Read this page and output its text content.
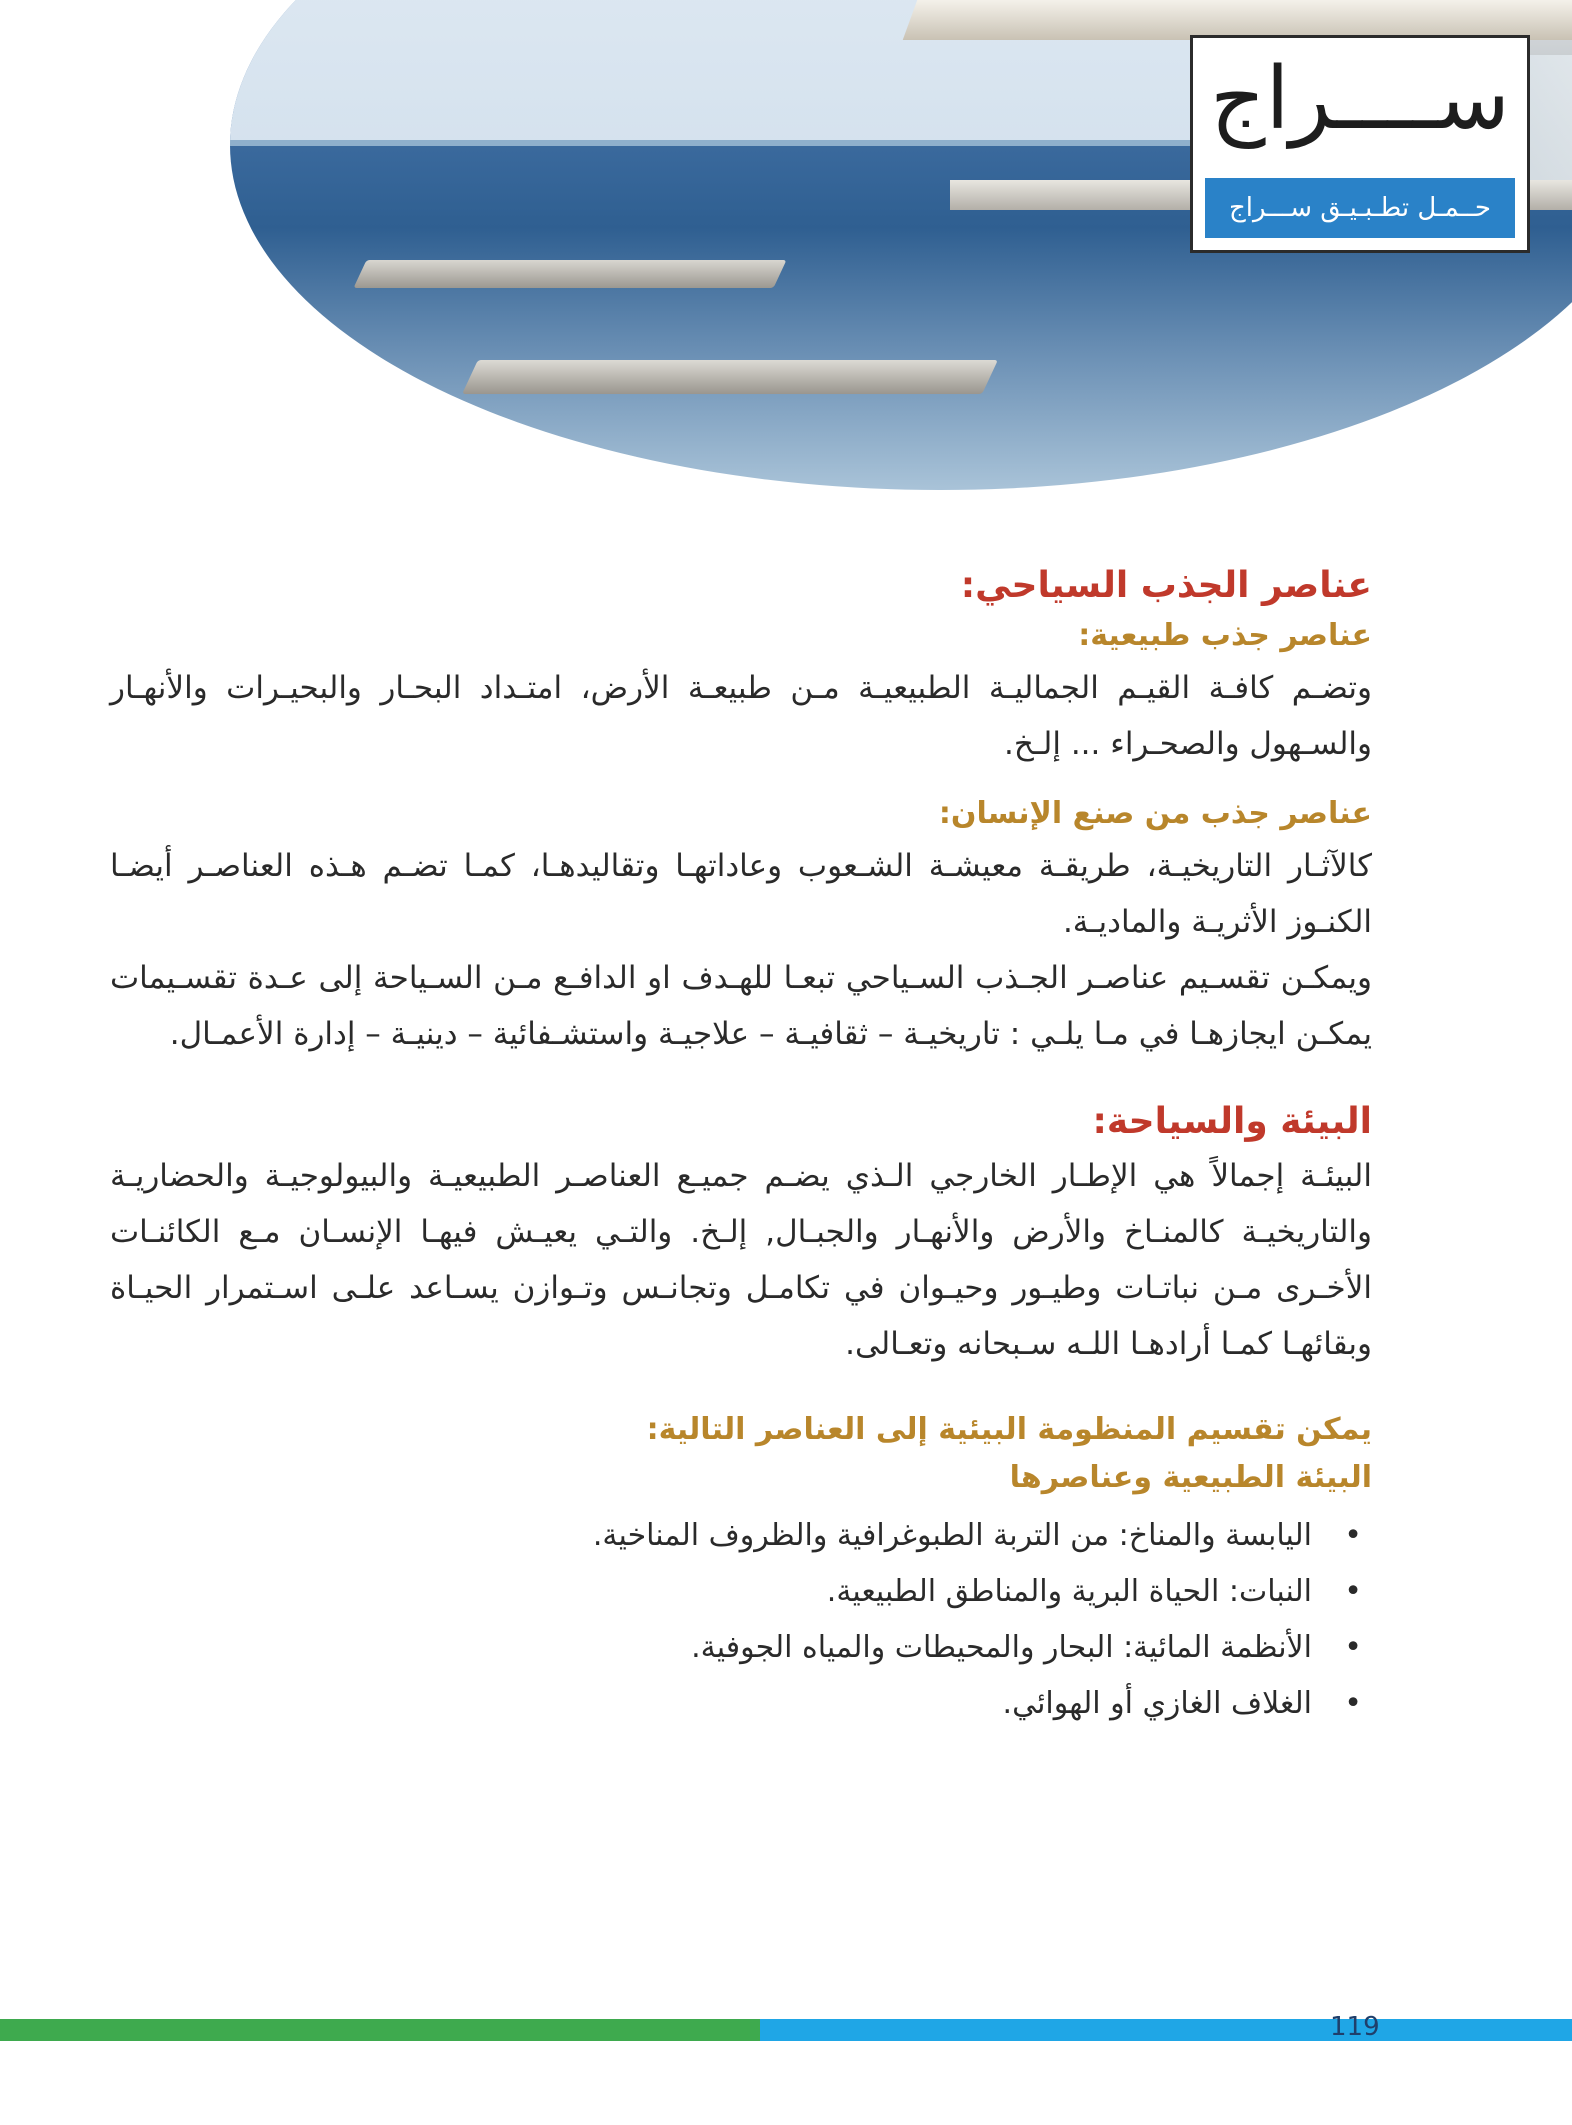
ســــراج
حــمـل تطـبـيـق ســـراج

عناصر الجذب السياحي:

عناصر جذب طبيعية:

وتضـم كافـة القيـم الجماليـة الطبيعيـة مـن طبيعـة الأرض، امتـداد البحـار والبحيـرات والأنهـار والسـهول والصحـراء ... إلـخ.

عناصر جذب من صنع الإنسان:

كالآثـار التاريخيـة، طريقـة معيشـة الشـعوب وعاداتهـا وتقاليدهـا، كمـا تضـم هـذه العناصـر أيضـا الكنـوز الأثريـة والماديـة.

ويمكـن تقسـيم عناصـر الجـذب السـياحي تبعـا للهـدف او الدافـع مـن السـياحة إلى عـدة تقسـيمات يمكـن ايجازهـا في مـا يلـي : تاريخيـة – ثقافيـة – علاجيـة واستشـفائية – دينيـة – إدارة الأعمـال.

البيئة والسياحة:

البيئـة إجمالاً هي الإطـار الخارجي الـذي يضـم جميـع العناصـر الطبيعيـة والبيولوجيـة والحضاريـة والتاريخيـة كالمنـاخ والأرض والأنهـار والجبـال, إلـخ. والتـي يعيـش فيهـا الإنسـان مـع الكائنـات الأخـرى مـن نباتـات وطيـور وحيـوان في تكامـل وتجانـس وتـوازن يسـاعد علـى اسـتمرار الحيـاة وبقائهـا كمـا أرادهـا اللـه سـبحانه وتعـالى.

يمكن تقسيم المنظومة البيئية إلى العناصر التالية:

البيئة الطبيعية وعناصرها

•
اليابسة والمناخ: من التربة الطبوغرافية والظروف المناخية.
•
النبات: الحياة البرية والمناطق الطبيعية.
•
الأنظمة المائية: البحار والمحيطات والمياه الجوفية.
•
الغلاف الغازي أو الهوائي.
119
